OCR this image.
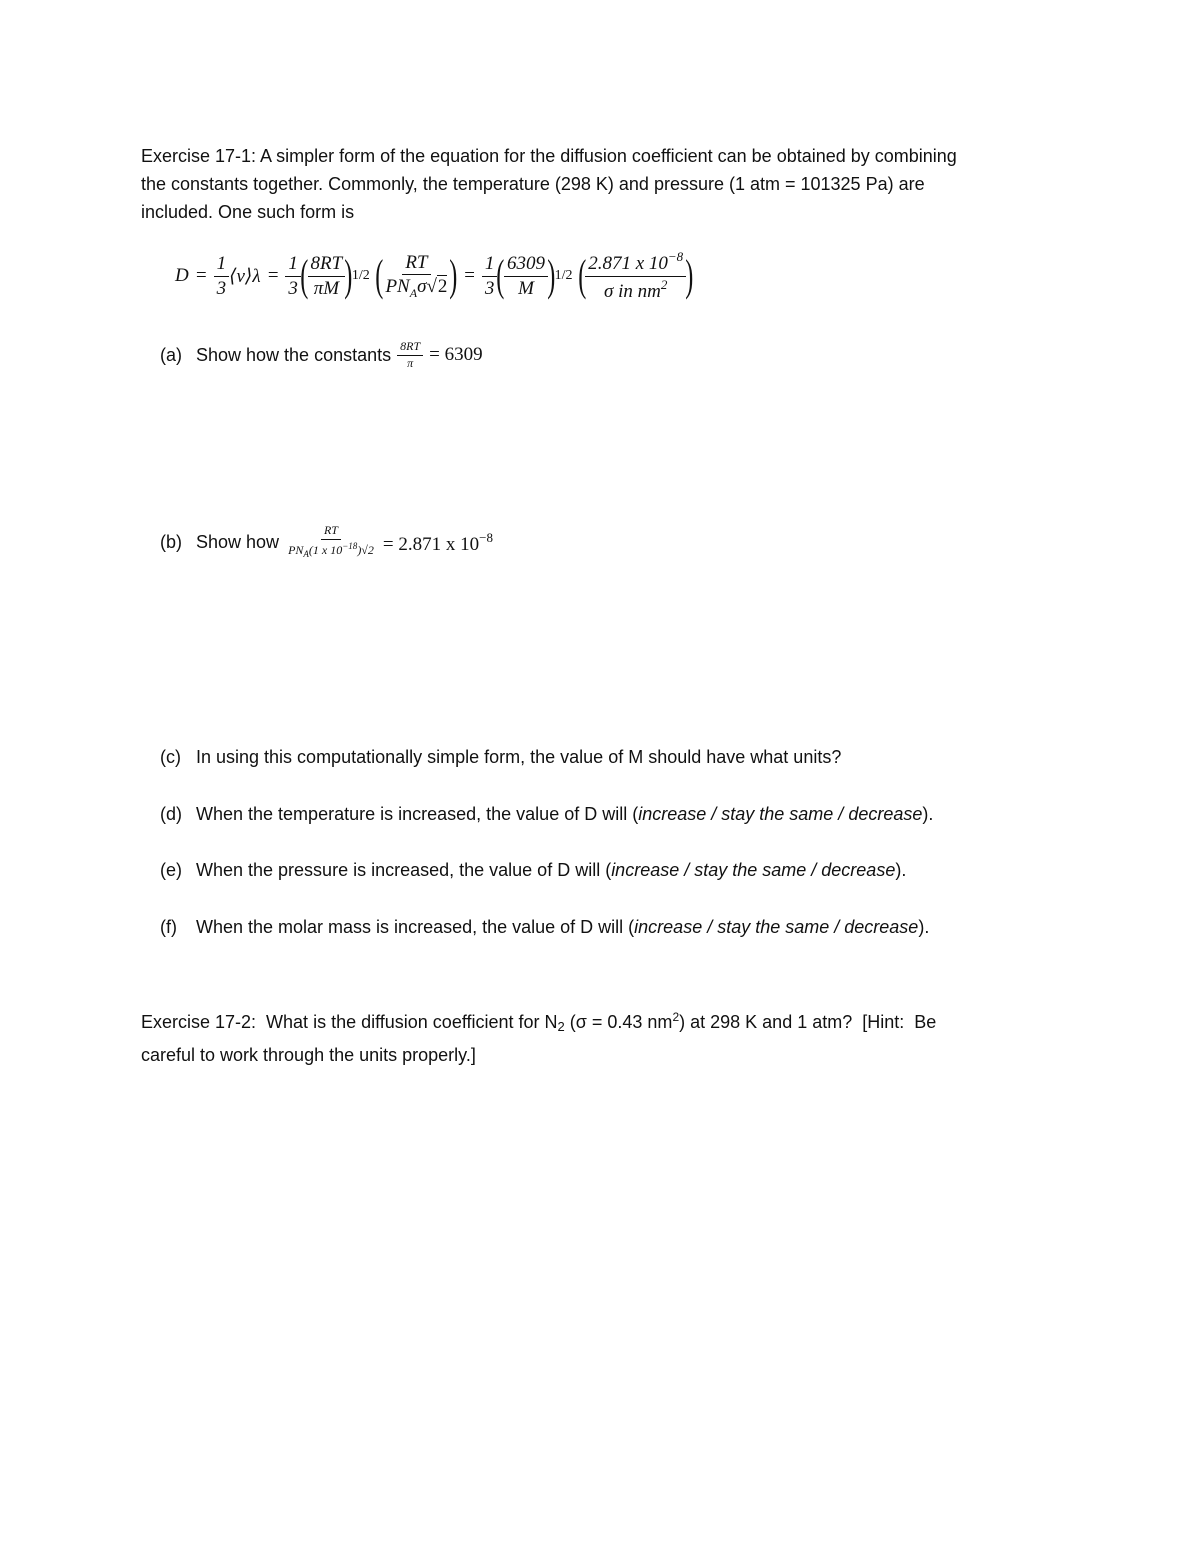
Exercise 17-1: A simpler form of the equation for the diffusion coefficient can be obtained by combining
the constants together. Commonly, the temperature (298 K) and pressure (1 atm = 101325 Pa) are
included. One such form is
$D = \frac{1}{3}$ ⟨v⟩λ = $\frac{1}{3}$ ( $\frac{8RT}{\pi M}$ ) 1/2 ( $\frac{RT}{PN_A\sigma√2}$ ) = $\frac{1}{3}$ ( $\frac{6309}{M}$ ) 1/2 ( $\frac{2.871 x 10^{-8}}{\sigma in nm^2}$ )
(a) Show how the constants $\frac{8RT}{\pi} = 6309$
(b) Show how $\frac{RT}{PN_A(1 x 10^{-18})√2} = 2.871$ x $10^{-8}$
(c) In using this computationally simple form, the value of M should have what units?
(d) When the temperature is increased, the value of D will ( increase / stay the same / decrease ).
(e) When the pressure is increased, the value of D will ( increase / stay the same / decrease ).
(f)	When the molar mass is increased, the value of D will ( increase / stay the same / decrease ).
Exercise 17-2:  What is the diffusion coefficient for N2 (σ = 0.43 $nm^2$) at 298 K and 1 atm?  [Hint:  Be
careful to work through the units properly.]
